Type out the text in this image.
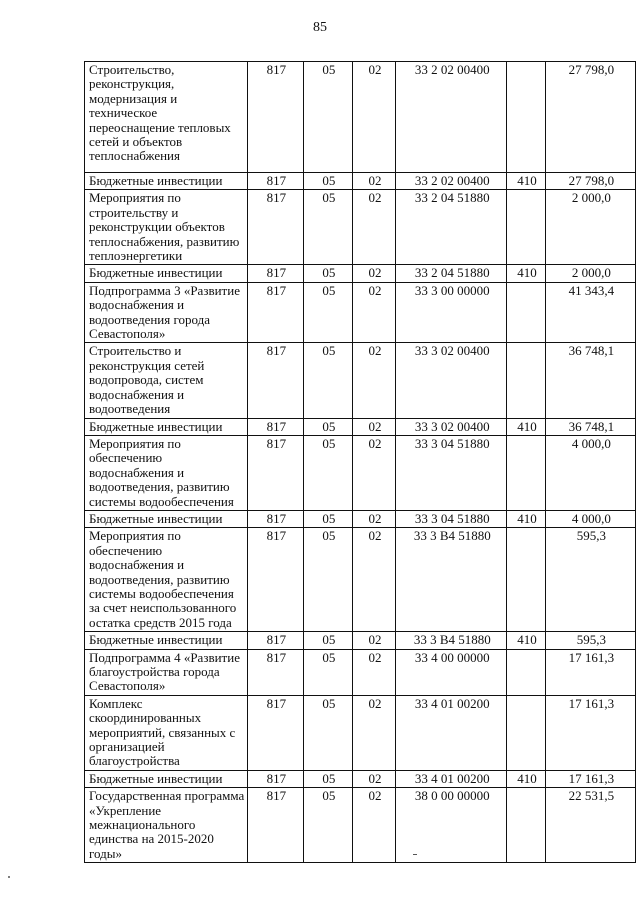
85
Строительство, реконструкция, модернизация и техническое переоснащение тепловых сетей и объектов теплоснабжения	817	05	02	33 2 02 00400		27 798,0
Бюджетные инвестиции	817	05	02	33 2 02 00400	410	27 798,0
Мероприятия по строительству и реконструкции объектов теплоснабжения, развитию теплоэнергетики	817	05	02	33 2 04 51880		2 000,0
Бюджетные инвестиции	817	05	02	33 2 04 51880	410	2 000,0
Подпрограмма 3 «Развитие водоснабжения и водоотведения города Севастополя»	817	05	02	33 3 00 00000		41 343,4
Строительство и реконструкция сетей водопровода, систем водоснабжения и водоотведения	817	05	02	33 3 02 00400		36 748,1
Бюджетные инвестиции	817	05	02	33 3 02 00400	410	36 748,1
Мероприятия по обеспечению водоснабжения и водоотведения, развитию системы водообеспечения	817	05	02	33 3 04 51880		4 000,0
Бюджетные инвестиции	817	05	02	33 3 04 51880	410	4 000,0
Мероприятия по обеспечению водоснабжения и водоотведения, развитию системы водообеспечения за счет неиспользованного остатка средств 2015 года	817	05	02	33 3 В4 51880		595,3
Бюджетные инвестиции	817	05	02	33 3 В4 51880	410	595,3
Подпрограмма 4 «Развитие благоустройства города Севастополя»	817	05	02	33 4 00 00000		17 161,3
Комплекс скоординированных мероприятий, связанных с организацией благоустройства	817	05	02	33 4 01 00200		17 161,3
Бюджетные инвестиции	817	05	02	33 4 01 00200	410	17 161,3
Государственная программа «Укрепление межнационального единства на 2015-2020 годы»	817	05	02	38 0 00 00000		22 531,5
